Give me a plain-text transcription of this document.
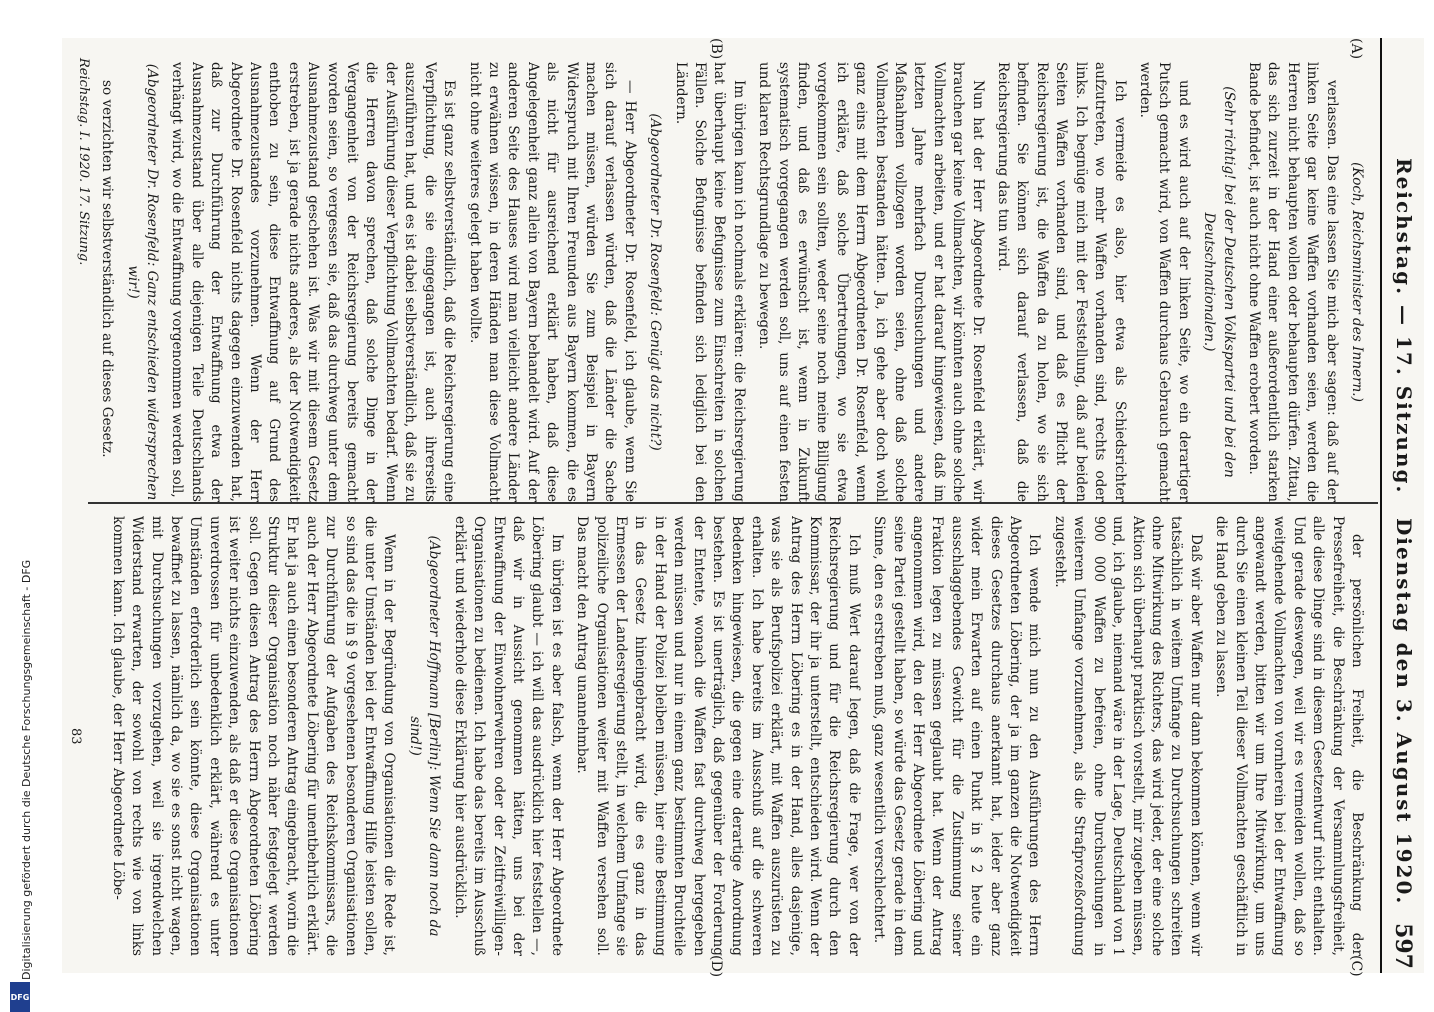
Digitalisierung gefördert durch die Deutsche Forschungsgemeinschaft - DFG
DFG
Reichstag. — 17. Sitzung.
Dienstag den 3. August 1920.
597
(A)
(B)
(C)
(D)

(Koch, Reichsminister des Innern.)

verlassen. Das eine lassen Sie mich aber sagen: daß auf der linken Seite gar keine Waffen vorhanden seien, werden die Herren nicht behaupten wollen oder behaupten dürfen. Zittau, das sich zurzeit in der Hand einer außerordentlich starken Bande befindet, ist auch nicht ohne Waffen erobert worden.

(Sehr richtig! bei der Deutschen Volkspartei und bei den Deutschnationalen.)

und es wird auch auf der linken Seite, wo ein derartiger Putsch gemacht wird, von Waffen durchaus Gebrauch gemacht werden.

Ich vermeide es also, hier etwa als Schiedsrichter aufzutreten, wo mehr Waffen vorhanden sind, rechts oder links. Ich begnüge mich mit der Feststellung, daß auf beiden Seiten Waffen vorhanden sind, und daß es Pflicht der Reichsregierung ist, die Waffen da zu holen, wo sie sich befinden. Sie können sich darauf verlassen, daß die Reichsregierung das tun wird.

Nun hat der Herr Abgeordnete Dr. Rosenfeld erklärt, wir brauchen gar keine Vollmachten, wir könnten auch ohne solche Vollmachten arbeiten, und er hat darauf hingewiesen, daß im letzten Jahre mehrfach Durchsuchungen und andere Maßnahmen vollzogen worden seien, ohne daß solche Vollmachten bestanden hätten. Ja, ich gehe aber doch wohl ganz eins mit dem Herrn Abgeordneten Dr. Rosenfeld, wenn ich erkläre, daß solche Übertretungen, wo sie etwa vorgekommen sein sollten, weder seine noch meine Billigung finden, und daß es erwünscht ist, wenn in Zukunft systematisch vorgegangen werden soll, uns auf einen festen und klaren Rechtsgrundlage zu bewegen.

Im übrigen kann ich nochmals erklären: die Reichsregierung hat überhaupt keine Befugnisse zum Einschreiten in solchen Fällen. Solche Befugnisse befinden sich lediglich bei den Ländern.

(Abgeordneter Dr. Rosenfeld: Genügt das nicht?)

— Herr Abgeordneter Dr. Rosenfeld, ich glaube, wenn Sie sich darauf verlassen würden, daß die Länder die Sache machen müssen, würden Sie zum Beispiel in Bayern Widerspruch mit Ihren Freunden aus Bayern kommen, die es als nicht für ausreichend erklärt haben, daß diese Angelegenheit ganz allein von Bayern behandelt wird. Auf der anderen Seite des Hauses wird man vielleicht andere Länder zu erwähnen wissen, in deren Händen man diese Vollmacht nicht ohne weiteres gelegt haben wollte.

Es ist ganz selbstverständlich, daß die Reichsregierung eine Verpflichtung, die sie eingegangen ist, auch ihrerseits auszuführen hat, und es ist dabei selbstverständlich, daß sie zu der Ausführung dieser Verpflichtung Vollmachten bedarf. Wenn die Herren davon sprechen, daß solche Dinge in der Vergangenheit von der Reichsregierung bereits gemacht worden seien, so vergessen sie, daß das durchweg unter dem Ausnahmezustand geschehen ist. Was wir mit diesem Gesetz erstreben, ist ja gerade nichts anderes, als der Notwendigkeit enthoben zu sein, diese Entwaffnung auf Grund des Ausnahmezustandes vorzunehmen. Wenn der Herr Abgeordnete Dr. Rosenfeld nichts dagegen einzuwenden hat, daß zur Durchführung der Entwaffnung etwa der Ausnahmezustand über alle diejenigen Teile Deutschlands verhängt wird, wo die Entwaffnung vorgenommen werden soll,

(Abgeordneter Dr. Rosenfeld: Ganz entschieden widersprechen wir!)

so verzichten wir selbstverständlich auf dieses Gesetz.

der persönlichen Freiheit, die Beschränkung der Pressefreiheit, die Beschränkung der Versammlungsfreiheit, alle diese Dinge sind in diesem Gesetzentwurf nicht enthalten. Und gerade deswegen, weil wir es vermeiden wollen, daß so weitgehende Vollmachten von vornherein bei der Entwaffnung angewandt werden, bitten wir um Ihre Mitwirkung, um uns durch Sie einen kleinen Teil dieser Vollmachten geschäftlich in die Hand geben zu lassen.

Daß wir aber Waffen nur dann bekommen können, wenn wir tatsächlich in weitem Umfange zu Durchsuchungen schreiten ohne Mitwirkung des Richters, das wird jeder, der eine solche Aktion sich überhaupt praktisch vorstellt, mir zugeben müssen, und, ich glaube, niemand wäre in der Lage, Deutschland von 1 900 000 Waffen zu befreien, ohne Durchsuchungen in weiterem Umfange vorzunehmen, als die Strafprozeßordnung zugesteht.

Ich wende mich nun zu den Ausführungen des Herrn Abgeordneten Löbering, der ja im ganzen die Notwendigkeit dieses Gesetzes durchaus anerkannt hat, leider aber ganz wider mein Erwarten auf einen Punkt in § 2 heute ein ausschlaggebendes Gewicht für die Zustimmung seiner Fraktion legen zu müssen geglaubt hat. Wenn der Antrag angenommen wird, den der Herr Abgeordnete Löbering und seine Partei gestellt haben, so würde das Gesetz gerade in dem Sinne, den es erstreben muß, ganz wesentlich verschlechtert.

Ich muß Wert darauf legen, daß die Frage, wer von der Reichsregierung und für die Reichsregierung durch den Kommissar, der ihr ja unterstellt, entschieden wird. Wenn der Antrag des Herrn Löbering es in der Hand, alles dasjenige, was sie als Berufspolizei erklärt, mit Waffen auszurüsten zu erhalten. Ich habe bereits im Ausschuß auf die schweren Bedenken hingewiesen, die gegen eine derartige Anordnung bestehen. Es ist unerträglich, daß gegenüber der Forderung der Entente, wonach die Waffen fast durchweg hergegeben werden müssen und nur in einem ganz bestimmten Bruchteile in der Hand der Polizei bleiben müssen, hier eine Bestimmung in das Gesetz hineingebracht wird, die es ganz in das Ermessen der Landesregierung stellt, in welchem Umfange sie polizeiliche Organisationen weiter mit Waffen versehen soll. Das macht den Antrag unannehmbar.

Im übrigen ist es aber falsch, wenn der Herr Abgeordnete Löbering glaubt — ich will das ausdrücklich hier feststellen —, daß wir in Aussicht genommen hätten, uns bei der Entwaffnung der Einwohnerwehren oder der Zeitfreiwilligen-Organisationen zu bedienen. Ich habe das bereits im Ausschuß erklärt und wiederhole diese Erklärung hier ausdrücklich.

(Abgeordneter Hoffmann [Berlin]: Wenn Sie dann noch da sind!)

Wenn in der Begründung von Organisationen die Rede ist, die unter Umständen bei der Entwaffnung Hilfe leisten sollen, so sind das die in § 9 vorgesehenen besonderen Organisationen zur Durchführung der Aufgaben des Reichskommissars, die auch der Herr Abgeordnete Löbering für unentbehrlich erklärt. Er hat ja auch einen besonderen Antrag eingebracht, worin die Struktur dieser Organisation noch näher festgelegt werden soll. Gegen diesen Antrag des Herrn Abgeordneten Löbering ist weiter nichts einzuwenden, als daß er diese Organisationen unverdrossen für unbedenklich erklärt, während es unter Umständen erforderlich sein könnte, diese Organisationen bewaffnet zu lassen, nämlich da, wo sie es sonst nicht wagen, mit Durchsuchungen vorzugehen, weil sie irgendwelchen Widerstand erwarten, der sowohl von rechts wie von links kommen kann. Ich glaube, der Herr Abgeordnete Löbe-

Reichstag. I. 1920. 17. Sitzung.
83
